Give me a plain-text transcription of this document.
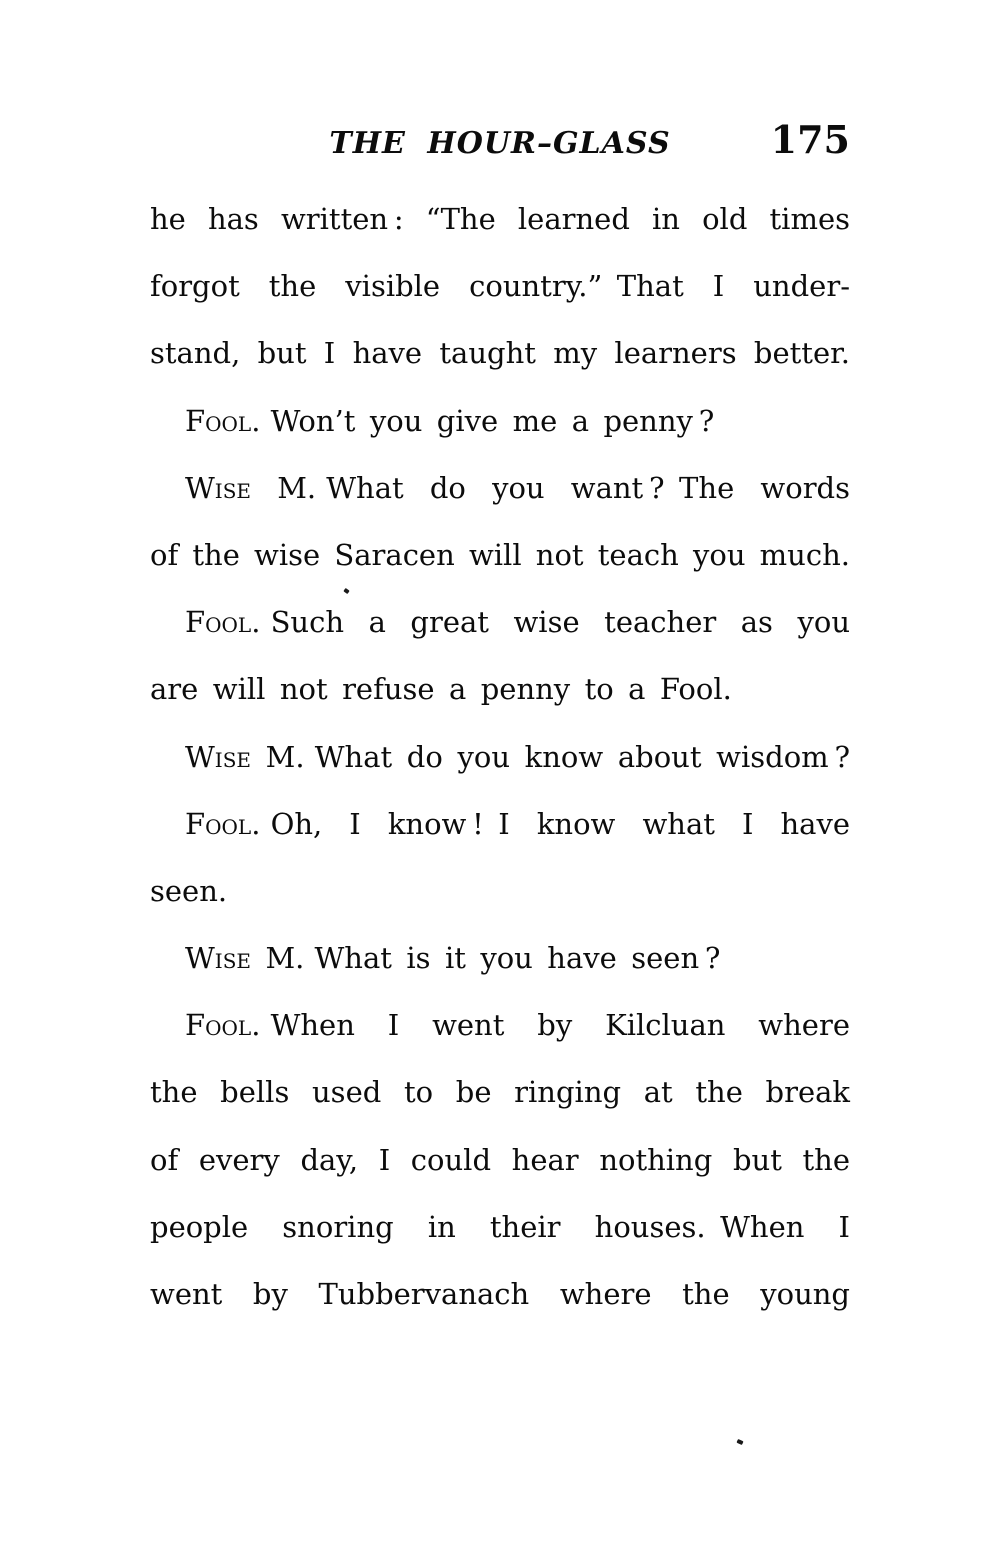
THE HOUR–GLASS	175
he has written : “The learned in old times
forgot the visible country.” That I under-
stand, but I have taught my learners better.
Fool. Won’t you give me a penny ?
Wise M. What do you want ? The words
of the wise Saracen will not teach you much.
Fool. Such a great wise teacher as you
are will not refuse a penny to a Fool.
Wise M. What do you know about wisdom ?
Fool. Oh, I know ! I know what I have
seen.
Wise M. What is it you have seen ?
Fool. When I went by Kilcluan where
the bells used to be ringing at the break
of every day, I could hear nothing but the
people snoring in their houses. When I
went by Tubbervanach where the young
